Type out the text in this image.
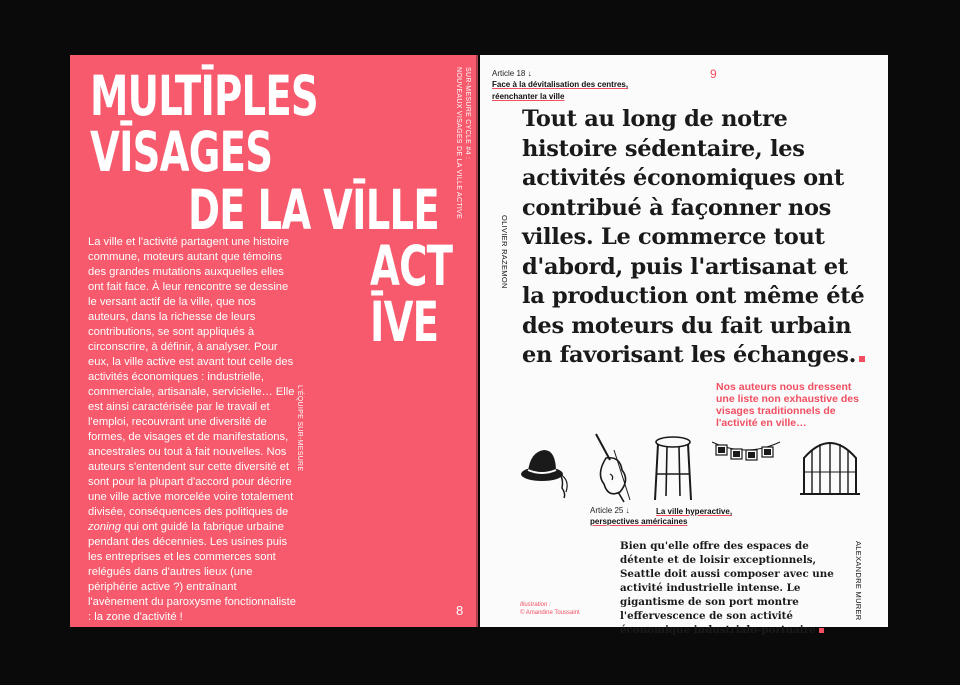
MULTĪPLES
VĪSAGES
DE LA VĪLLE
ACT
ĪVE

La ville et l'activité partagent une histoire commune, moteurs autant que témoins des grandes mutations auxquelles elles ont fait face. À leur rencontre se dessine le versant actif de la ville, que nos auteurs, dans la richesse de leurs contributions, se sont appliqués à circonscrire, à définir, à analyser. Pour eux, la ville active est avant tout celle des activités économiques : industrielle, commerciale, artisanale, servicielle… Elle est ainsi caractérisée par le travail et l'emploi, recouvrant une diversité de formes, de visages et de manifestations, ancestrales ou tout à fait nouvelles. Nos auteurs s'entendent sur cette diversité et sont pour la plupart d'accord pour décrire une ville active morcelée voire totalement divisée, conséquences des politiques de zoning qui ont guidé la fabrique urbaine pendant des décennies. Les usines puis les entreprises et les commerces sont relégués dans d'autres lieux (une périphérie active ?) entraînant l'avènement du paroxysme fonctionnaliste : la zone d'activité !

SUR-MESURE CYCLE #4 :
NOUVEAUX VISAGES DE LA VILLE ACTIVE
L'ÉQUIPE SUR-MESURE
8
Article 18 ↓
Face à la dévitalisation des centres, réenchanter la ville
9
OLIVIER RAZEMON

Tout au long de notre histoire sédentaire, les activités économiques ont contribué à façonner nos villes. Le commerce tout d'abord, puis l'artisanat et la production ont même été des moteurs du fait urbain en favorisant les échanges.

Nos auteurs nous dressent une liste non exhaustive des visages traditionnels de l'activité en ville…

Article 25 ↓	La ville hyperactive,
perspectives américaines

Bien qu'elle offre des espaces de détente et de loisir exceptionnels, Seattle doit aussi composer avec une activité industrielle intense. Le gigantisme de son port montre l'effervescence de son activité économique industrialo-portuaire

ALEXANDRE MURER
Illustration :
© Amandine Toussaint
